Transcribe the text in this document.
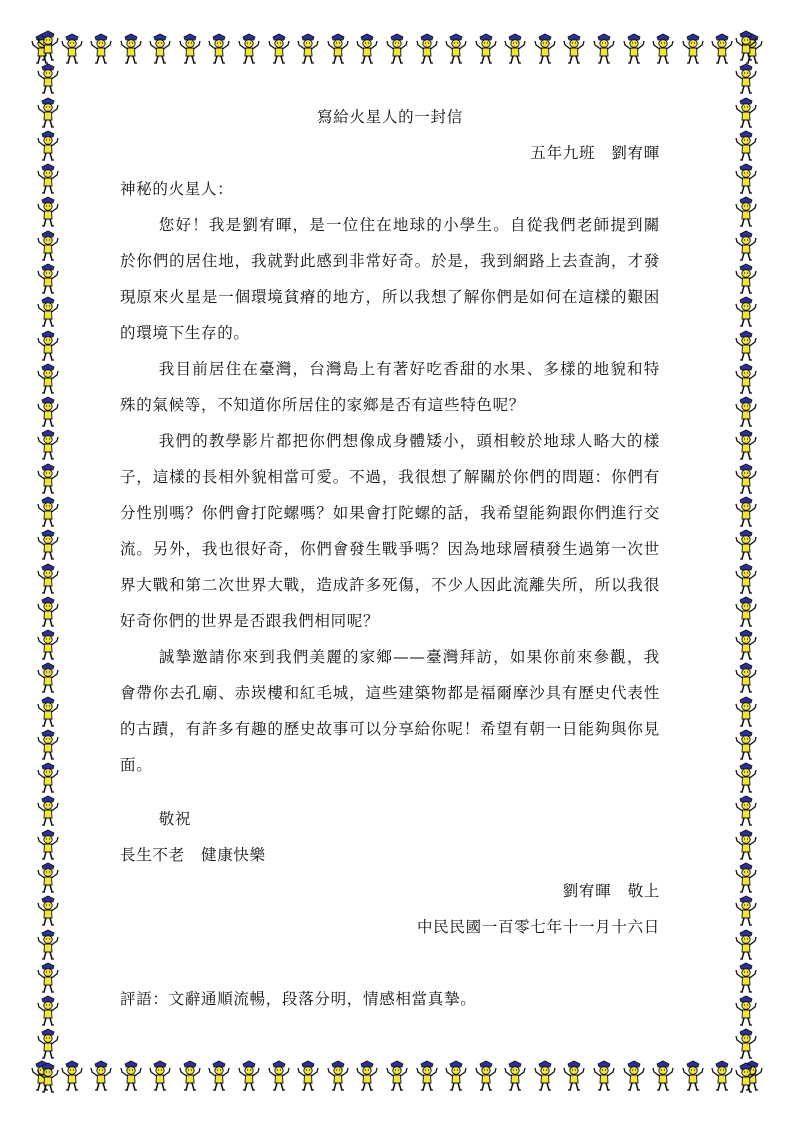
寫給火星人的一封信
五年九班　劉宥暉
神秘的火星人：

您好！我是劉宥暉，是一位住在地球的小學生。自從我們老師提到關於你們的居住地，我就對此感到非常好奇。於是，我到網路上去查詢，才發現原來火星是一個環境貧瘠的地方，所以我想了解你們是如何在這樣的艱困的環境下生存的。

我目前居住在臺灣，台灣島上有著好吃香甜的水果、多樣的地貌和特殊的氣候等，不知道你所居住的家鄉是否有這些特色呢？

我們的教學影片都把你們想像成身體矮小，頭相較於地球人略大的樣子，這樣的長相外貌相當可愛。不過，我很想了解關於你們的問題：你們有分性別嗎？你們會打陀螺嗎？如果會打陀螺的話，我希望能夠跟你們進行交流。另外，我也很好奇，你們會發生戰爭嗎？因為地球層積發生過第一次世界大戰和第二次世界大戰，造成許多死傷，不少人因此流離失所，所以我很好奇你們的世界是否跟我們相同呢？

誠摯邀請你來到我們美麗的家鄉——臺灣拜訪，如果你前來參觀，我會帶你去孔廟、赤崁樓和紅毛城，這些建築物都是福爾摩沙具有歷史代表性的古蹟，有許多有趣的歷史故事可以分享給你呢！希望有朝一日能夠與你見面。

敬祝
長生不老　健康快樂
劉宥暉　敬上
中民民國一百零七年十一月十六日
評語：文辭通順流暢，段落分明，情感相當真摯。
